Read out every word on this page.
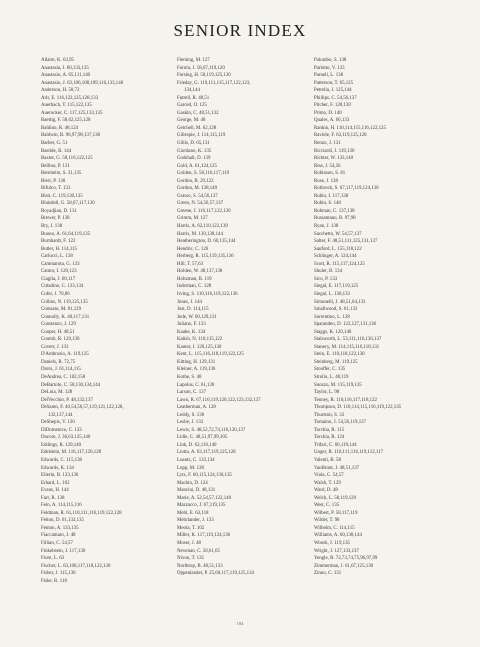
SENIOR INDEX
Allaire, K. 63,95
Anastasia, J. 60,133,135
Anastasio, A. 65,111,140
Anastasio, J. 63,106,108,109,116,133,140
Anderson, H. 58,72
Arlt, E. 116,122,125,128,133
Auerbach, T. 115,122,135
Auerocker, C. 117,125,133,135
Baettig, F. 58,62,125,128
Baldino, R. 48,124
Baldwin, R. 96,97,98,137,138
Barber, G. 51
Bastide, R. 144
Baxter, G. 58,116,122,125
Bellino, P. 131
Bernheim, S. 31,135
Bieri, P. 138
Bifulco, T. 133
Bisti, C. 119,130,135
Blaisdell, G. 58,67,117,130
Boyadjian, D. 131
Brewer, P. 138
Bry, J. 138
Buono, A. 61,64,119,135
Burnhardt, F. 122
Butler, H. 114,115
Carlucci, L. 138
Cammarota, G. 133
Cantor, I. 120,123
Ciaglia, J. 60,117
Cittadino, C. 133,134
Cofer, J. 70,86
Collins, N. 119,125,135
Comsato, M. 81,129
Connolly, K. 40,117,131
Constanzo, J. 129
Cooper, H. 48,51
Coumb, R. 120,130
Covert, J. 133
D'Ambrosio, A. 119,125
Daniels, R. 72,75
Davis, J. 61,114,115
DeAndrea, C. 102,158
DeBartolo, C. 58,130,134,144
DeLoia, M. 128
DelVecchio, P. 48,132,137
DeSanto, F. 40,54,56,57,119,121,122,128,
132,137,144
DeShepis, V. 130
DiDomenico, C. 133
Ducore, J. 36,63,125,140
Eddings, R. 129,140
Edelstein, M. 116,117,120,128
Edwards, C. 115,138
Edwards, K. 134
Ellerin, B. 133,136
Erhard, L. 102
Evans, H. 144
Farr, R. 138
Fein, A. 114,115,116
Feldman, R. 61,110,111,116,119,122,128
Felton, D. 61,133,135
Fenton, A. 133,135
Fiaccamaro, J. 48
Fillian, C. 54,57
Finkelstein, J. 117,130
Fiore, L. 63
Fischer, L. 63,108,117,118,122,130
Fisher, J. 115,136
Fiske, R. 118
Fleming, M. 127
Fornin, J. 58,67,119,120
Forsing, H. 58,119,125,130
Frieday, G. 110,111,115,117,122,123,
134,144
Futrell, R. 48,51
Garced, O. 125
Gaskin, C. 48,51,132
George, M. 48
Getchell, M. 62,128
Gillespie, J. 114,115,119
Gillis, D. 65,131
Giordano, K. 135
Godshall, D. 139
Gold, A. 61,124,125
Golden, S. 58,116,117,119
Gordon, B. 29,122
Gordon, M. 138,140
Grasso, S. 54,56,137
Green, N. 54,56,57,137
Greene, J. 116,117,122,130
Grimm, M. 127
Harris, A. 62,110,122,139
Harris, M. 130,138,144
Heatherington, D. 60,135,144
Hendric, C. 126
Herberg, R. 115,119,135,136
Hill, T. 57,63
Holden, W. 48,137,138
Holtzman, R. 119
Inderman, C. 128
Irving, S. 110,116,119,122,136
Jones, J. 144
Jost, D. 114,115
Jude, W. 60,129,131
Juliano, F. 133
Kaabe, K. 134
Kalish, N. 110,115,122
Kantor, I. 120,125,130
Kent, L. 115,116,118,119,122,125
Kitting, H. 129,131
Kleiner, A. 119,136
Kothe, S. 48
Lapolus, C. 61,130
Larson, C. 137
Lawn, R. 67,110,119,120,122,123,132,137
Leatherman, A. 128
Leddy, S. 138
Leslie, J. 133
Lewis, S. 48,52,72,74,116,120,137
Lidle, C. 48,51,97,99,105
Link, D. 62,116,140
Liotta, A. 63,117,119,125,128
Loantz, C. 133,134
Lopp, M. 138
Lytz, F. 60,115,124,130,135
Machin, D. 124
Mancini, D. 48,131
Marie, A. 52,54,57,122,140
Mazzacco, J. 67,119,135
Mehl, E. 63,118
Mehrlander, J. 133
Meola, T. 102
Miller, K. 117,119,124,130
Moser, J. 48
Newman, C. 58,61,65
Nixon, T. 135
Northrop, B. 48,51,133
Oppenlander, P. 25,60,117,119,125,134
Palumbo, S. 138
Parlotto, V. 133
Parnell, L. 138
Patterson, T. 65,125
Petrella, J. 125,144
Phillips, C. 54,56,137
Pitcher, F. 120,130
Primo, D. 140
Quales, A. 60,133
Rankin, H. 110,114,115,116,122,125
Raviele, F. 63,119,125,128
Renzo, J. 131
Ricciardi, J. 119,130
Richter, W. 133,140
Rise, J. 54,56
Robinson, S. 81
Rose, J. 138
Rothrock, S. 67,117,119,124,130
Rubin, I. 117,138
Rubin, S. 140
Rubman, C. 137,138
Russamano, R. 97,98
Ryan, J. 138
Sacchetto, W. 54,57,137
Salter, F. 48,51,111,125,131,137
Sanford, L. 155,118,122
Schlinger, A. 124,144
Scott, R. 115,117,124,125
Shuler, B. 134
Sico, P. 133
Siegal, E. 117,119,125
Siegal, L. 130,133
Simonelli, J. 48,51,64,133
Smallwood, S. 61,133
Sorrentino, L. 128
Sparandeo, D. 122,127,131,136
Staggs, K. 120,140
Stalsworth, L. 53,111,116,136,137
Stanecy, M. 114,115,116,118,131
Stein, E. 110,118,122,130
Steinberg, M. 119,125
Stouffer, C. 135
Strollo, L. 48,119
Suozzo, M. 115,119,135
Taylor, L. 98
Tenney, R. 110,116,117,118,122
Thompson, D. 110,114,115,116,119,122,135
Thurston, S. 33
Tomaino, J. 54,56,119,137
Torchia, R. 115
Torchia, R. 124
Trifari, C. 60,119,144
Unger, R. 110,111,116,119,112,117
Valenti, B. 58
VanBrunt, J. 48,51,137
Viola, C. 54,57
Walsh, T. 129
Ward, D. 48
Welch, L. 58,119,120
West, C. 135
Wilbert, P. 58,117,119
Wilder, T. 98
Wilhelm, C. 114,115
Williams, A. 60,138,144
Woods, J. 119,135
Wright, J. 127,133,137
Yengle, R. 72,73,74,75,96,97,99
Zimmerman, J. 61,67,125,130
Zinno, C. 131
184
